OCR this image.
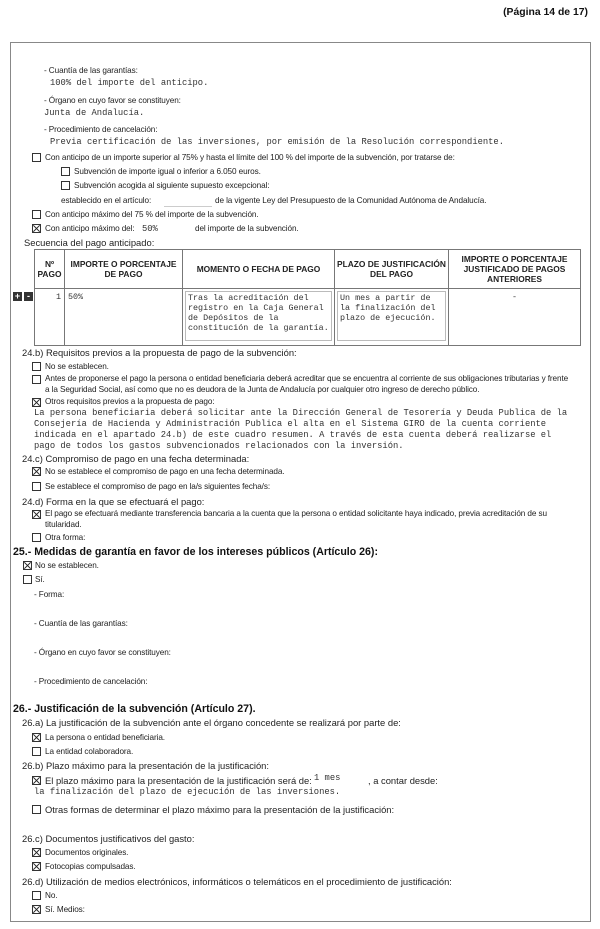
(Página 14 de 17)
- Cuantía de las garantías:
100% del importe del anticipo.
- Órgano en cuyo favor se constituyen:
Junta de Andalucía.
- Procedimiento de cancelación:
Previa certificación de las inversiones, por emisión de la Resolución correspondiente.
Con anticipo de un importe superior al 75% y hasta el límite del 100 % del importe de la subvención, por tratarse de:
Subvención de importe igual o inferior a 6.050 euros.
Subvención acogida al siguiente supuesto excepcional:
establecido en el artículo:	de la vigente Ley del Presupuesto de la Comunidad Autónoma de Andalucía.
Con anticipo máximo del 75 % del importe de la subvención.
Con anticipo máximo del: 50%	del importe de la subvención.
Secuencia del pago anticipado:
Nº PAGO	IMPORTE O PORCENTAJE DE PAGO	MOMENTO O FECHA DE PAGO	PLAZO DE JUSTIFICACIÓN DEL PAGO	IMPORTE O PORCENTAJE JUSTIFICADO DE PAGOS ANTERIORES
1	50%	Tras la acreditación del registro en la Caja General de Depósitos de la constitución de la garantía.	Un mes a partir de la finalización del plazo de ejecución.	-
+ -
24.b) Requisitos previos a la propuesta de pago de la subvención:
No se establecen.
Antes de proponerse el pago la persona o entidad beneficiaria deberá acreditar que se encuentra al corriente de sus obligaciones tributarias y frente
a la Seguridad Social, así como que no es deudora de la Junta de Andalucía por cualquier otro ingreso de derecho público.
Otros requisitos previos a la propuesta de pago:
La persona beneficiaria deberá solicitar ante la Dirección General de Tesorería y Deuda Publica de la
Consejería de Hacienda y Administración Publica el alta en el Sistema GIRO de la cuenta corriente
indicada en el apartado 24.b) de este cuadro resumen. A través de esta cuenta deberá realizarse el
pago de todos los gastos subvencionados relacionados con la inversión.
24.c) Compromiso de pago en una fecha determinada:
No se establece el compromiso de pago en una fecha determinada.
Se establece el compromiso de pago en la/s siguientes fecha/s:
24.d) Forma en la que se efectuará el pago:
El pago se efectuará mediante transferencia bancaria a la cuenta que la persona o entidad solicitante haya indicado, previa acreditación de su
titularidad.
Otra forma:
25.- Medidas de garantía en favor de los intereses públicos (Artículo 26):
No se establecen.
Sí.
- Forma:
- Cuantía de las garantías:
- Órgano en cuyo favor se constituyen:
- Procedimiento de cancelación:
26.- Justificación de la subvención (Artículo 27).
26.a) La justificación de la subvención ante el órgano concedente se realizará por parte de:
La persona o entidad beneficiaria.
La entidad colaboradora.
26.b) Plazo máximo para la presentación de la justificación:
El plazo máximo para la presentación de la justificación será de: 1 mes	, a contar desde:
la finalización del plazo de ejecución de las inversiones.
Otras formas de determinar el plazo máximo para la presentación de la justificación:
26.c) Documentos justificativos del gasto:
Documentos originales.
Fotocopias compulsadas.
26.d) Utilización de medios electrónicos, informáticos o telemáticos en el procedimiento de justificación:
No.
Sí. Medios:
